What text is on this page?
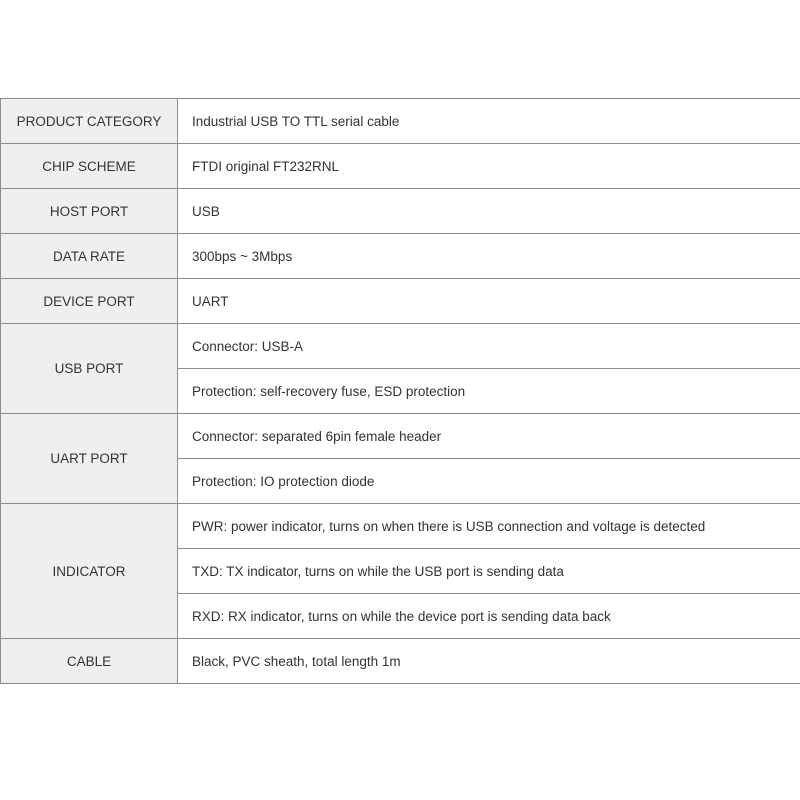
PRODUCT CATEGORY	Industrial USB TO TTL serial cable
CHIP SCHEME	FTDI original FT232RNL
HOST PORT	USB
DATA RATE	300bps ~ 3Mbps
DEVICE PORT	UART
USB PORT	Connector: USB-A
	Protection: self-recovery fuse, ESD protection
UART PORT	Connector: separated 6pin female header
	Protection: IO protection diode
INDICATOR	PWR: power indicator, turns on when there is USB connection and voltage is detected
	TXD: TX indicator, turns on while the USB port is sending data
	RXD: RX indicator, turns on while the device port is sending data back
CABLE	Black, PVC sheath, total length 1m
